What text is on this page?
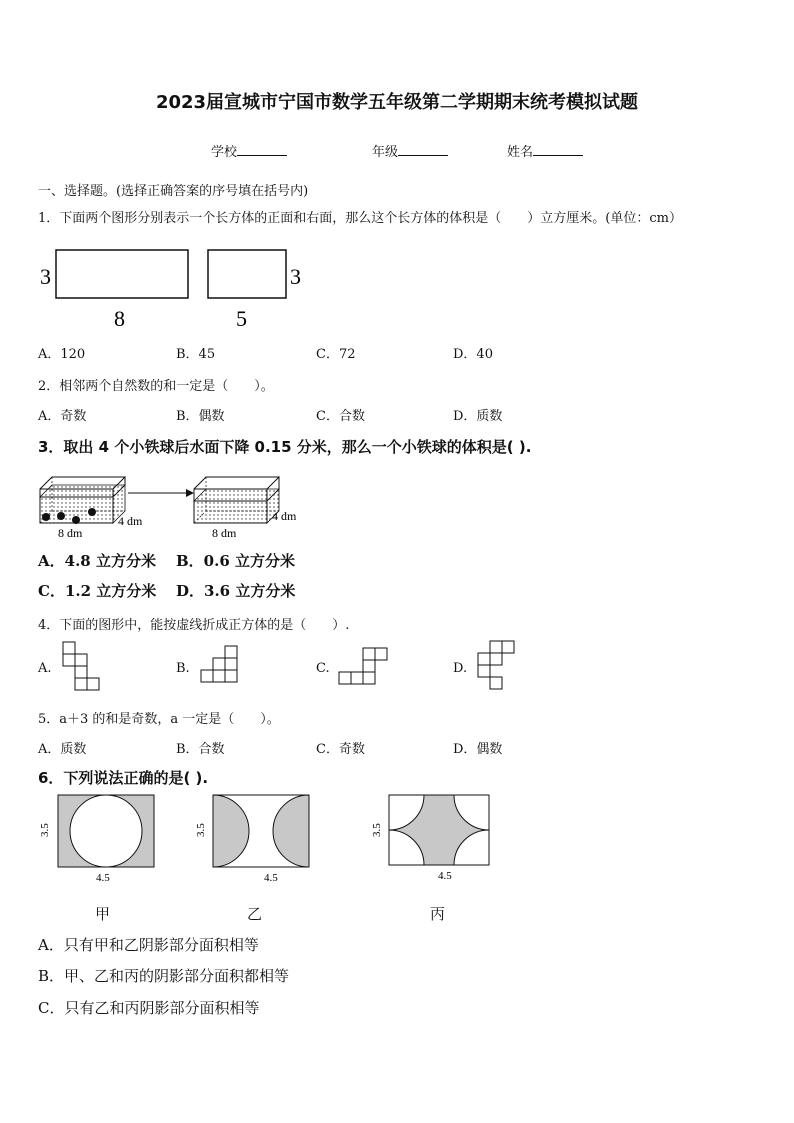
2023届宣城市宁国市数学五年级第二学期期末统考模拟试题
学校	年级	姓名
一、选择题。(选择正确答案的序号填在括号内)
1．下面两个图形分别表示一个长方体的正面和右面，那么这个长方体的体积是（　　）立方厘米。(单位：cm）
3
8
3
5
A．120	B．45	C．72	D．40
2．相邻两个自然数的和一定是（　　）。
A．奇数	B．偶数	C．合数	D．质数
3．取出 4 个小铁球后水面下降 0.15 分米，那么一个小铁球的体积是( ).
4 dm
8 dm
4 dm
8 dm
A．4.8 立方分米 B．0.6 立方分米
C．1.2 立方分米 D．3.6 立方分米
4．下面的图形中，能按虚线折成正方体的是（　　）.
A.	B.	C.	D.
5．a＋3 的和是奇数，a 一定是（　　）。
A．质数	B．合数	C．奇数	D．偶数
6．下列说法正确的是( ).
3.5
4.5
3.5
4.5
3.5
4.5
甲	乙	丙
A．只有甲和乙阴影部分面积相等
B．甲、乙和丙的阴影部分面积都相等
C．只有乙和丙阴影部分面积相等
